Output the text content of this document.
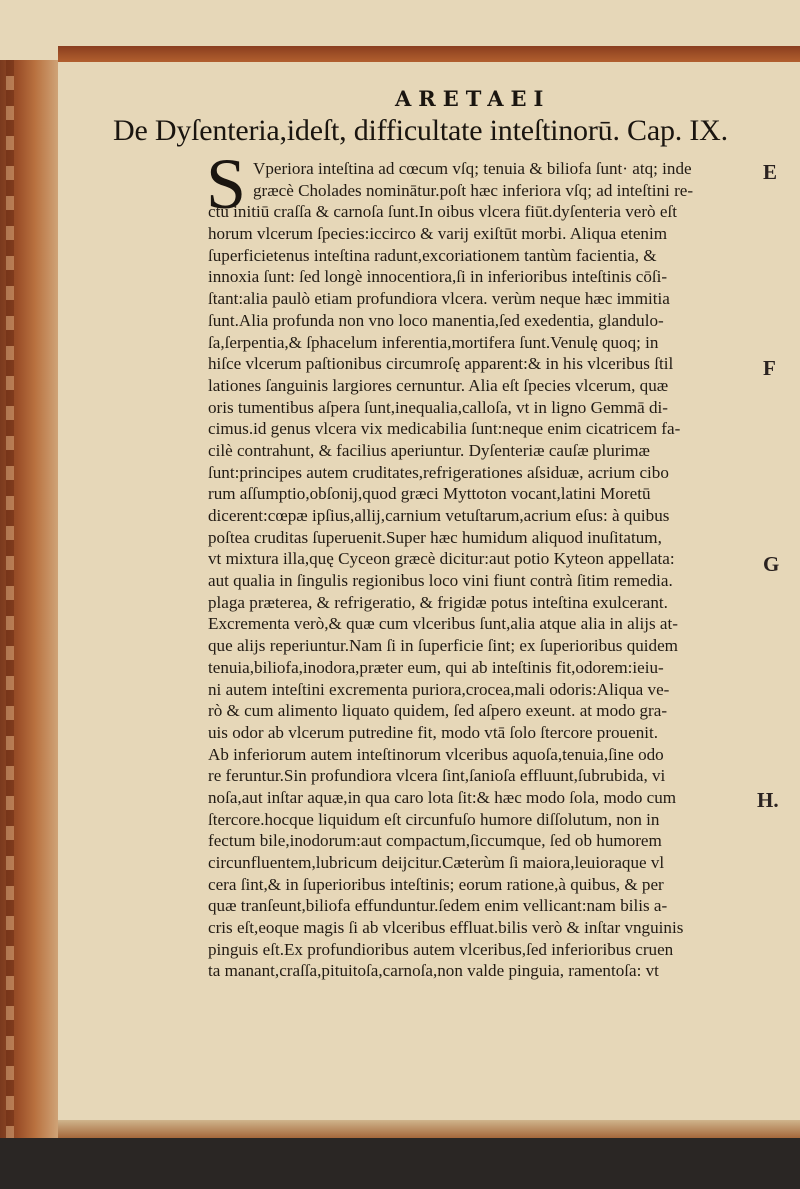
ARETAEI
De Dyſenteria,ideſt, difficultate inteſtinorū. Cap. IX.
S Vperiora inteſtina ad cœcum vſq; tenuia & biliofa ſunt· atq; inde
græcè Cholades nominātur.poſt hæc inferiora vſq; ad inteſtini re-
ctū initiū craſſa & carnoſa ſunt.In oibus vlcera fiūt.dyſenteria verò eſt
horum vlcerum ſpecies:iccirco & varij exiſtūt morbi. Aliqua etenim
ſuperficietenus inteſtina radunt,excoriationem tantùm facientia, &
innoxia ſunt: ſed longè innocentiora,ſi in inferioribus inteſtinis cōſi-
ſtant:alia paulò etiam profundiora vlcera. verùm neque hæc immitia
ſunt.Alia profunda non vno loco manentia,ſed exedentia, glandulo-
ſa,ſerpentia,& ſphacelum inferentia,mortifera ſunt.Venulę quoq; in
hiſce vlcerum paſtionibus circumroſę apparent:& in his vlceribus ſtil
lationes ſanguinis largiores cernuntur. Alia eſt ſpecies vlcerum, quæ
oris tumentibus aſpera ſunt,inequalia,calloſa, vt in ligno Gemmā di-
cimus.id genus vlcera vix medicabilia ſunt:neque enim cicatricem fa-
cilè contrahunt, & facilius aperiuntur. Dyſenteriæ cauſæ plurimæ
ſunt:principes autem cruditates,refrigerationes aſsiduæ, acrium cibo
rum aſſumptio,obſonij,quod græci Myttoton vocant,latini Moretū
dicerent:cœpæ ipſius,allij,carnium vetuſtarum,acrium eſus: à quibus
poſtea cruditas ſuperuenit.Super hæc humidum aliquod inuſitatum,
vt mixtura illa,quę Cyceon græcè dicitur:aut potio Kyteon appellata:
aut qualia in ſingulis regionibus loco vini fiunt contrà ſitim remedia.
plaga præterea, & refrigeratio, & frigidæ potus inteſtina exulcerant.
Excrementa verò,& quæ cum vlceribus ſunt,alia atque alia in alijs at-
que alijs reperiuntur.Nam ſi in ſuperficie ſint; ex ſuperioribus quidem
tenuia,biliofa,inodora,præter eum, qui ab inteſtinis fit,odorem:ieiu-
ni autem inteſtini excrementa puriora,crocea,mali odoris:Aliqua ve-
rò & cum alimento liquato quidem, ſed aſpero exeunt. at modo gra-
uis odor ab vlcerum putredine fit, modo vtā ſolo ſtercore prouenit.
Ab inferiorum autem inteſtinorum vlceribus aquoſa,tenuia,ſine odo
re feruntur.Sin profundiora vlcera ſint,ſanioſa effluunt,ſubrubida, vi
noſa,aut inſtar aquæ,in qua caro lota ſit:& hæc modo ſola, modo cum
ſtercore.hocque liquidum eſt circunfuſo humore diſſolutum, non in
fectum bile,inodorum:aut compactum,ſiccumque, ſed ob humorem
circunfluentem,lubricum deijcitur.Cæterùm ſi maiora,leuioraque vl
cera ſint,& in ſuperioribus inteſtinis; eorum ratione,à quibus, & per
quæ tranſeunt,biliofa effunduntur.ſedem enim vellicant:nam bilis a-
cris eſt,eoque magis ſi ab vlceribus effluat.bilis verò & inſtar vnguinis
pinguis eſt.Ex profundioribus autem vlceribus,ſed inferioribus cruen
ta manant,craſſa,pituitoſa,carnoſa,non valde pinguia, ramentoſa: vt
E
F
G
H.
